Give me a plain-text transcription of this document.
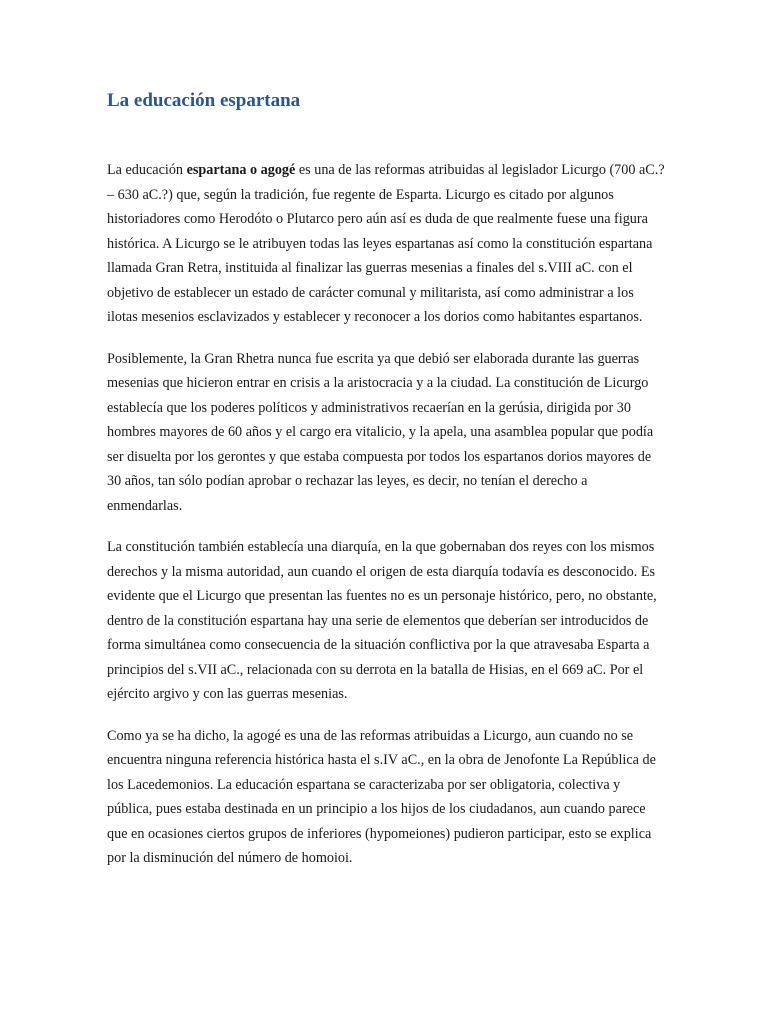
La educación espartana

La educación espartana o agogé es una de las reformas atribuidas al legislador Licurgo (700 aC.? – 630 aC.?) que, según la tradición, fue regente de Esparta. Licurgo es citado por algunos historiadores como Herodóto o Plutarco pero aún así es duda de que realmente fuese una figura histórica. A Licurgo se le atribuyen todas las leyes espartanas así como la constitución espartana llamada Gran Retra, instituida al finalizar las guerras mesenias a finales del s.VIII aC. con el objetivo de establecer un estado de carácter comunal y militarista, así como administrar a los ilotas mesenios esclavizados y establecer y reconocer a los dorios como habitantes espartanos.

Posiblemente, la Gran Rhetra nunca fue escrita ya que debió ser elaborada durante las guerras mesenias que hicieron entrar en crisis a la aristocracia y a la ciudad. La constitución de Licurgo establecía que los poderes políticos y administrativos recaerían en la gerúsia, dirigida por 30 hombres mayores de 60 años y el cargo era vitalicio, y la apela, una asamblea popular que podía ser disuelta por los gerontes y que estaba compuesta por todos los espartanos dorios mayores de 30 años, tan sólo podían aprobar o rechazar las leyes, es decir, no tenían el derecho a enmendarlas.

La constitución también establecía una diarquía, en la que gobernaban dos reyes con los mismos derechos y la misma autoridad, aun cuando el origen de esta diarquía todavía es desconocido. Es evidente que el Licurgo que presentan las fuentes no es un personaje histórico, pero, no obstante, dentro de la constitución espartana hay una serie de elementos que deberían ser introducidos de forma simultánea como consecuencia de la situación conflictiva por la que atravesaba Esparta a principios del s.VII aC., relacionada con su derrota en la batalla de Hisias, en el 669 aC. Por el ejército argivo y con las guerras mesenias.

Como ya se ha dicho, la agogé es una de las reformas atribuidas a Licurgo, aun cuando no se encuentra ninguna referencia histórica hasta el s.IV aC., en la obra de Jenofonte La República de los Lacedemonios. La educación espartana se caracterizaba por ser obligatoria, colectiva y pública, pues estaba destinada en un principio a los hijos de los ciudadanos, aun cuando parece que en ocasiones ciertos grupos de inferiores (hypomeiones) pudieron participar, esto se explica por la disminución del número de homoioi.
